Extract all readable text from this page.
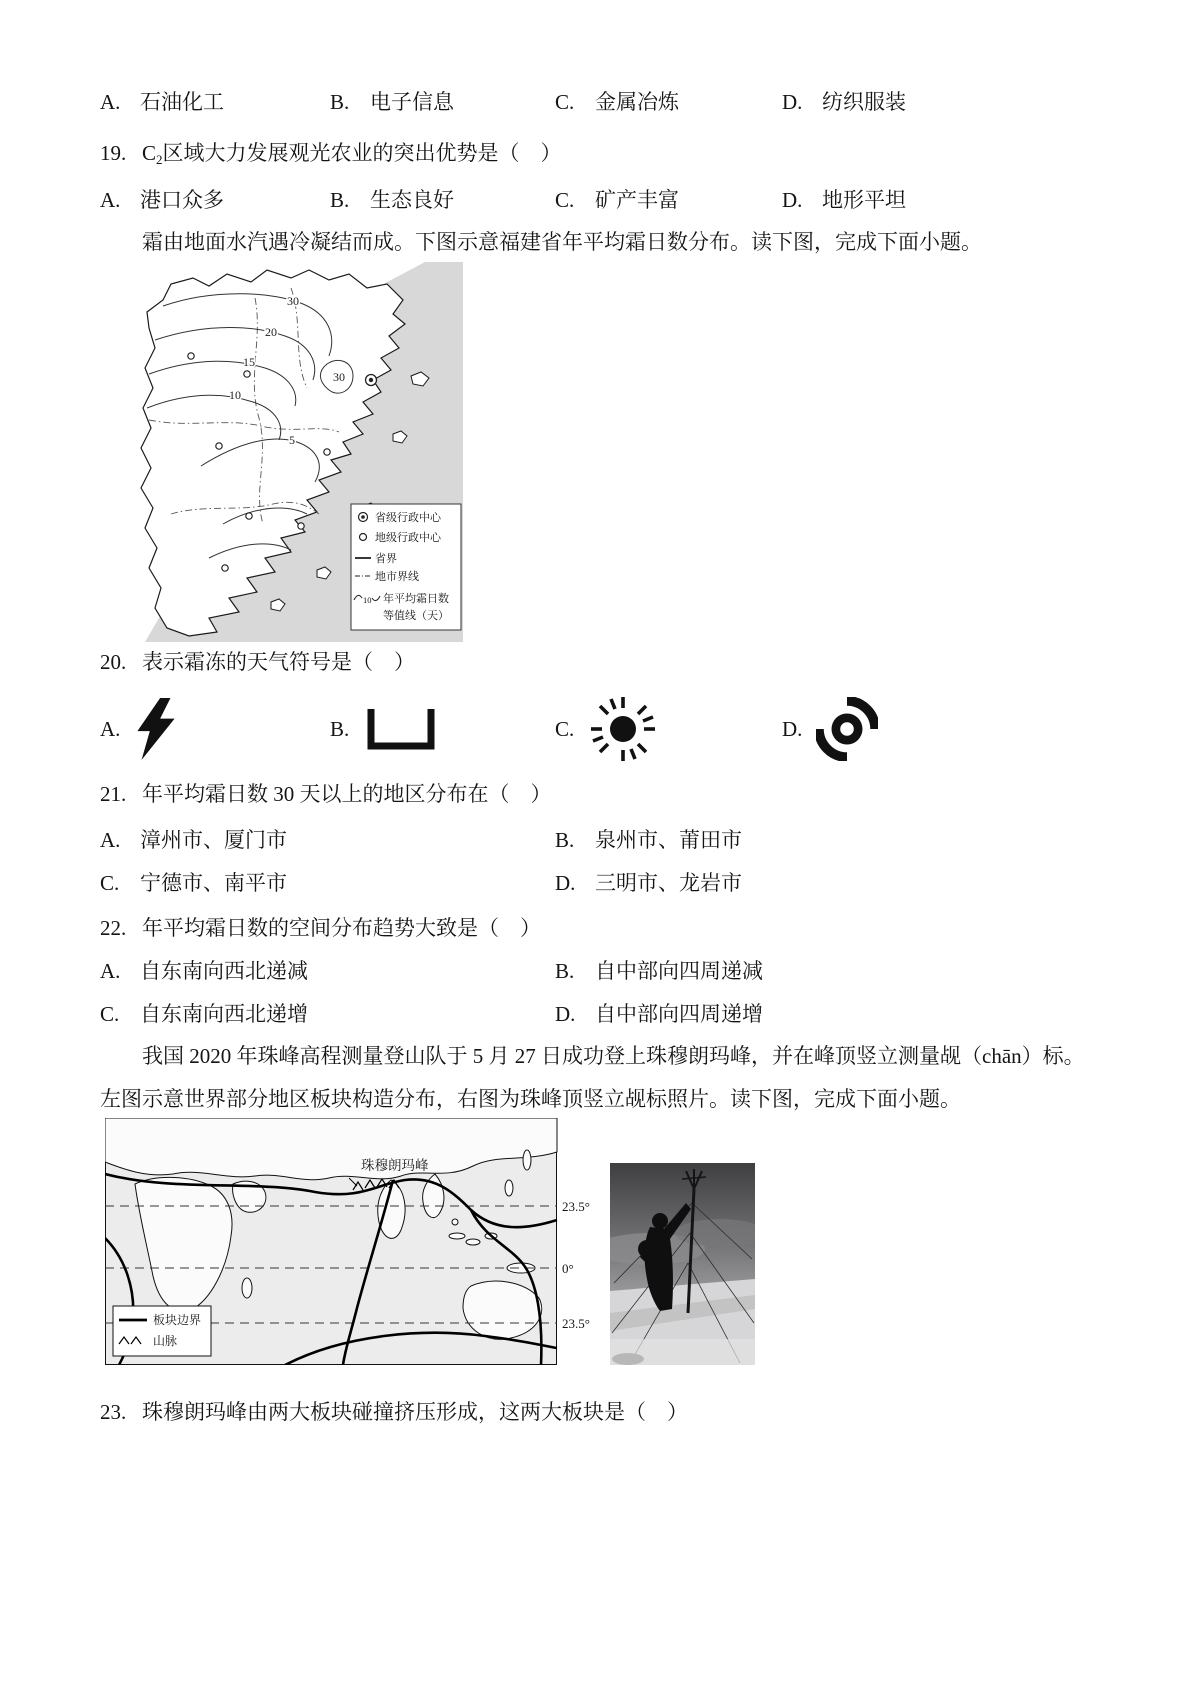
A. 石油化工	B. 电子信息	C. 金属冶炼	D. 纺织服装
19. $C_2$区域大力发展观光农业的突出优势是（　）
A. 港口众多	B. 生态良好	C. 矿产丰富	D. 地形平坦
霜由地面水汽遇冷凝结而成。下图示意福建省年平均霜日数分布。读下图，完成下面小题。
30
20
15
10
5
30
省级行政中心
地级行政中心
省界
地市界线
10 年平均霜日数
等值线（天）
20. 表示霜冻的天气符号是（　）
A.	B.	C.	D.
21. 年平均霜日数 30 天以上的地区分布在（　）
A. 漳州市、厦门市	B. 泉州市、莆田市
C. 宁德市、南平市	D. 三明市、龙岩市
22. 年平均霜日数的空间分布趋势大致是（　）
A. 自东南向西北递减	B. 自中部向四周递减
C. 自东南向西北递增	D. 自中部向四周递增
我国 2020 年珠峰高程测量登山队于 5 月 27 日成功登上珠穆朗玛峰，并在峰顶竖立测量觇（chān）标。
左图示意世界部分地区板块构造分布，右图为珠峰顶竖立觇标照片。读下图，完成下面小题。
珠穆朗玛峰
板块边界
山脉
23.5°
0°
23.5°
23. 珠穆朗玛峰由两大板块碰撞挤压形成，这两大板块是（　）
